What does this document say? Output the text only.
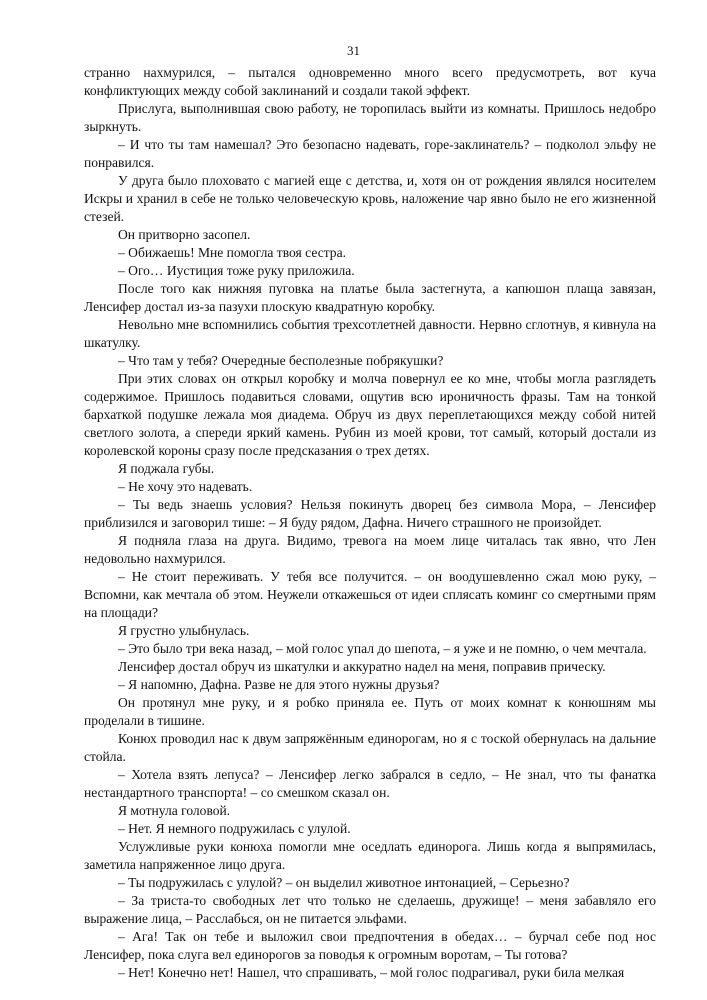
31

странно нахмурился, – пытался одновременно много всего предусмотреть, вот куча конфликтующих между собой заклинаний и создали такой эффект.

Прислуга, выполнившая свою работу, не торопилась выйти из комнаты. Пришлось недобро зыркнуть.

– И что ты там намешал? Это безопасно надевать, горе-заклинатель? – подколол эльфу не понравился.

У друга было плоховато с магией еще с детства, и, хотя он от рождения являлся носителем Искры и хранил в себе не только человеческую кровь, наложение чар явно было не его жизненной стезей.

Он притворно засопел.

– Обижаешь! Мне помогла твоя сестра.

– Ого… Иустиция тоже руку приложила.

После того как нижняя пуговка на платье была застегнута, а капюшон плаща завязан, Ленсифер достал из-за пазухи плоскую квадратную коробку.

Невольно мне вспомнились события трехсотлетней давности. Нервно сглотнув, я кивнула на шкатулку.

– Что там у тебя? Очередные бесполезные побрякушки?

При этих словах он открыл коробку и молча повернул ее ко мне, чтобы могла разглядеть содержимое. Пришлось подавиться словами, ощутив всю ироничность фразы. Там на тонкой бархаткой подушке лежала моя диадема. Обруч из двух переплетающихся между собой нитей светлого золота, а спереди яркий камень. Рубин из моей крови, тот самый, который достали из королевской короны сразу после предсказания о трех детях.

Я поджала губы.

– Не хочу это надевать.

– Ты ведь знаешь условия? Нельзя покинуть дворец без символа Мора, – Ленсифер приблизился и заговорил тише: – Я буду рядом, Дафна. Ничего страшного не произойдет.

Я подняла глаза на друга. Видимо, тревога на моем лице читалась так явно, что Лен недовольно нахмурился.

– Не стоит переживать. У тебя все получится. – он воодушевленно сжал мою руку, – Вспомни, как мечтала об этом. Неужели откажешься от идеи сплясать коминг со смертными прям на площади?

Я грустно улыбнулась.

– Это было три века назад, – мой голос упал до шепота, – я уже и не помню, о чем мечтала.

Ленсифер достал обруч из шкатулки и аккуратно надел на меня, поправив прическу.

– Я напомню, Дафна. Разве не для этого нужны друзья?

Он протянул мне руку, и я робко приняла ее. Путь от моих комнат к конюшням мы проделали в тишине.

Конюх проводил нас к двум запряжённым единорогам, но я с тоской обернулась на дальние стойла.

– Хотела взять лепуса? – Ленсифер легко забрался в седло, – Не знал, что ты фанатка нестандартного транспорта! – со смешком сказал он.

Я мотнула головой.

– Нет. Я немного подружилась с улулой.

Услужливые руки конюха помогли мне оседлать единорога. Лишь когда я выпрямилась, заметила напряженное лицо друга.

– Ты подружилась с улулой? – он выделил животное интонацией, – Серьезно?

– За триста-то свободных лет что только не сделаешь, дружище! – меня забавляло его выражение лица, – Расслабься, он не питается эльфами.

– Ага! Так он тебе и выложил свои предпочтения в обедах… – бурчал себе под нос Ленсифер, пока слуга вел единорогов за поводья к огромным воротам, – Ты готова?

– Нет! Конечно нет! Нашел, что спрашивать, – мой голос подрагивал, руки била мелкая
